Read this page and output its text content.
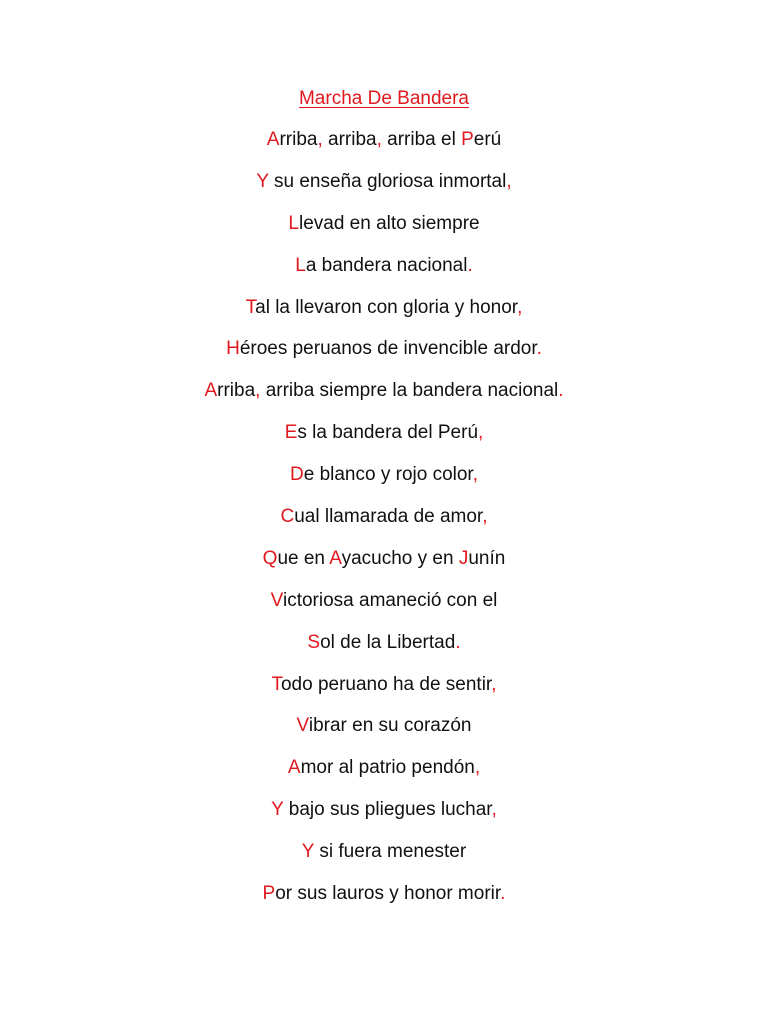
Marcha De Bandera
Arriba, arriba, arriba el Perú
Y su enseña gloriosa inmortal,
Llevad en alto siempre
La bandera nacional.
Tal la llevaron con gloria y honor,
Héroes peruanos de invencible ardor.
Arriba, arriba siempre la bandera nacional.
Es la bandera del Perú,
De blanco y rojo color,
Cual llamarada de amor,
Que en Ayacucho y en Junín
Victoriosa amaneció con el
Sol de la Libertad.
Todo peruano ha de sentir,
Vibrar en su corazón
Amor al patrio pendón,
Y bajo sus pliegues luchar,
Y si fuera menester
Por sus lauros y honor morir.
